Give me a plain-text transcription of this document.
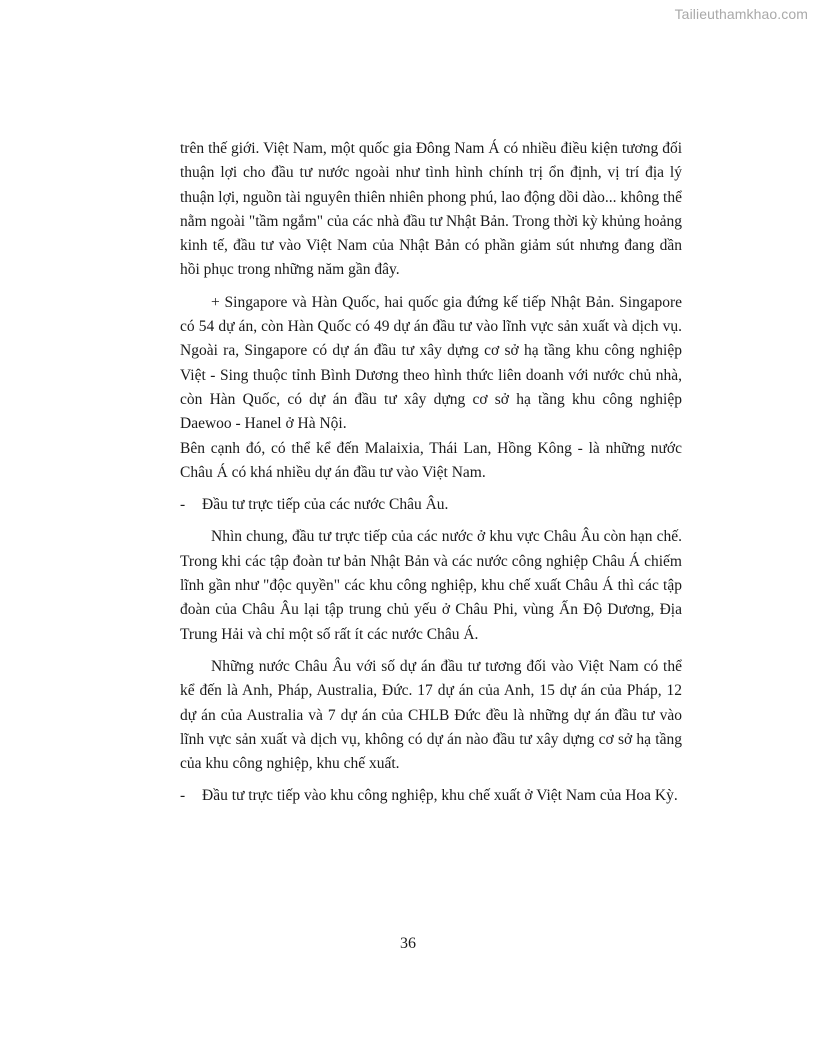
Tailieuthamkhao.com

trên thế giới. Việt Nam, một quốc gia Đông Nam Á có nhiều điều kiện tương đối thuận lợi cho đầu tư nước ngoài như tình hình chính trị ổn định, vị trí địa lý thuận lợi, nguồn tài nguyên thiên nhiên phong phú, lao động dồi dào... không thể nằm ngoài "tầm ngắm" của các nhà đầu tư Nhật Bản. Trong thời kỳ khủng hoảng kinh tế, đầu tư vào Việt Nam của Nhật Bản có phần giảm sút nhưng đang dần hồi phục trong những năm gần đây.

+ Singapore và Hàn Quốc, hai quốc gia đứng kế tiếp Nhật Bản. Singapore có 54 dự án, còn Hàn Quốc có 49 dự án đầu tư vào lĩnh vực sản xuất và dịch vụ. Ngoài ra, Singapore có dự án đầu tư xây dựng cơ sở hạ tầng khu công nghiệp Việt - Sing thuộc tỉnh Bình Dương theo hình thức liên doanh với nước chủ nhà, còn Hàn Quốc, có dự án đầu tư xây dựng cơ sở hạ tầng khu công nghiệp Daewoo - Hanel ở Hà Nội.

Bên cạnh đó, có thể kể đến Malaixia, Thái Lan, Hồng Kông - là những nước Châu Á có khá nhiều dự án đầu tư vào Việt Nam.

-	Đầu tư trực tiếp của các nước Châu Âu.

Nhìn chung, đầu tư trực tiếp của các nước ở khu vực Châu Âu còn hạn chế. Trong khi các tập đoàn tư bản Nhật Bản và các nước công nghiệp Châu Á chiếm lĩnh gần như "độc quyền" các khu công nghiệp, khu chế xuất Châu Á thì các tập đoàn của Châu Âu lại tập trung chủ yếu ở Châu Phi, vùng Ấn Độ Dương, Địa Trung Hải và chỉ một số rất ít các nước Châu Á.

Những nước Châu Âu với số dự án đầu tư tương đối vào Việt Nam có thể kể đến là Anh, Pháp, Australia, Đức. 17 dự án của Anh, 15 dự án của Pháp, 12 dự án của Australia và 7 dự án của CHLB Đức đều là những dự án đầu tư vào lĩnh vực sản xuất và dịch vụ, không có dự án nào đầu tư xây dựng cơ sở hạ tầng của khu công nghiệp, khu chế xuất.

-	Đầu tư trực tiếp vào khu công nghiệp, khu chế xuất ở Việt Nam của Hoa Kỳ.
36
